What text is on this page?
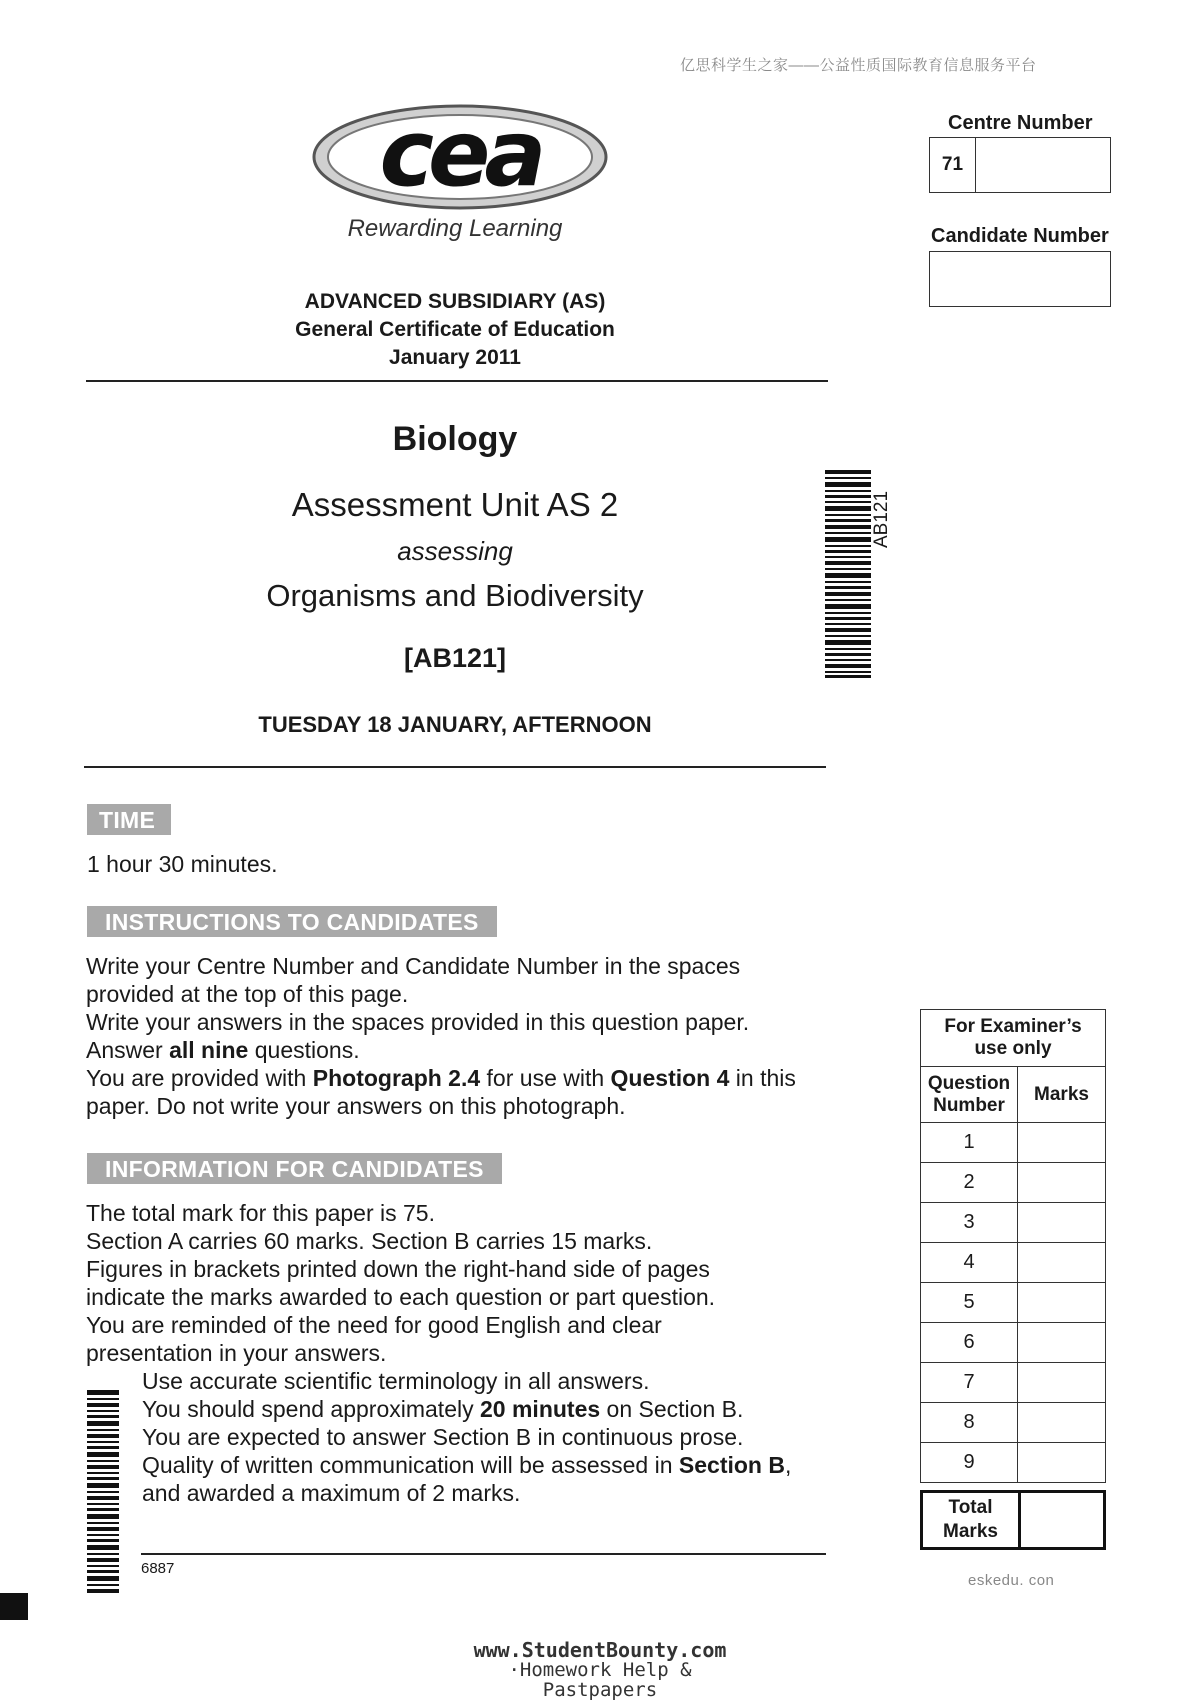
亿思科学生之家——公益性质国际教育信息服务平台
cea
Rewarding Learning
ADVANCED SUBSIDIARY (AS)
General Certificate of Education
January 2011
Biology
Assessment Unit AS 2
assessing
Organisms and Biodiversity
[AB121]
TUESDAY 18 JANUARY, AFTERNOON
AB121
Centre Number
71
Candidate Number
TIME
1 hour 30 minutes.
INSTRUCTIONS TO CANDIDATES

Write your Centre Number and Candidate Number in the spaces

provided at the top of this page.

Write your answers in the spaces provided in this question paper.

Answer all nine questions.

You are provided with Photograph 2.4 for use with Question 4 in this

paper. Do not write your answers on this photograph.

INFORMATION FOR CANDIDATES

The total mark for this paper is 75.

Section A carries 60 marks. Section B carries 15 marks.

Figures in brackets printed down the right-hand side of pages

indicate the marks awarded to each question or part question.

You are reminded of the need for good English and clear

presentation in your answers.

Use accurate scientific terminology in all answers.

You should spend approximately 20 minutes on Section B.

You are expected to answer Section B in continuous prose.

Quality of written communication will be assessed in Section B,

and awarded a maximum of 2 marks.

6887
For Examiner’s
use only	

Question
Number	Marks
1	
2	
3	
4	
5	
6	
7	
8	
9	
Total
Marks
eskedu. con
www.StudentBounty.com
·Homework Help & Pastpapers
